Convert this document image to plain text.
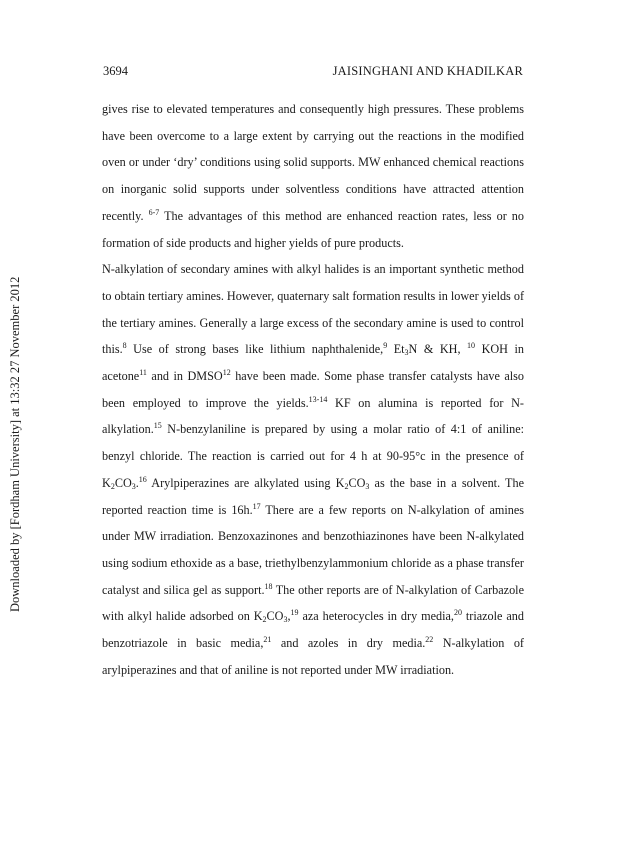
3694	JAISINGHANI AND KHADILKAR
Downloaded by [Fordham University] at 13:32 27 November 2012

gives rise to elevated temperatures and consequently high pressures. These problems have been overcome to a large extent by carrying out the reactions in the modified oven or under ‘dry’ conditions using solid supports. MW enhanced chemical reactions on inorganic solid supports under solventless conditions have attracted attention recently. $^{6-7}$ The advantages of this method are enhanced reaction rates, less or no formation of side products and higher yields of pure products.

N-alkylation of secondary amines with alkyl halides is an important synthetic method to obtain tertiary amines. However, quaternary salt formation results in lower yields of the tertiary amines. Generally a large excess of the secondary amine is used to control this.$^8$ Use of strong bases like lithium naphthalenide,$^9$ $Et_3N$ & KH, $^{10}$ KOH in acetone$^{11}$ and in DMSO$^{12}$ have been made. Some phase transfer catalysts have also been employed to improve the yields.$^{13-14}$ KF on alumina is reported for N-alkylation.$^{15}$ N-benzylaniline is prepared by using a molar ratio of 4:1 of aniline: benzyl chloride. The reaction is carried out for 4 h at 90-95°c in the presence of $K_2CO_3.^{16}$ Arylpiperazines are alkylated using $K_2CO_3$ as the base in a solvent. The reported reaction time is 16h.$^{17}$ There are a few reports on N-alkylation of amines under MW irradiation. Benzoxazinones and benzothiazinones have been N-alkylated using sodium ethoxide as a base, triethylbenzylammonium chloride as a phase transfer catalyst and silica gel as support.$^{18}$ The other reports are of N-alkylation of Carbazole with alkyl halide adsorbed on $K_2CO_3,^{19}$ aza heterocycles in dry media,$^{20}$ triazole and benzotriazole in basic media,$^{21}$ and azoles in dry media.$^{22}$ N-alkylation of arylpiperazines and that of aniline is not reported under MW irradiation.
